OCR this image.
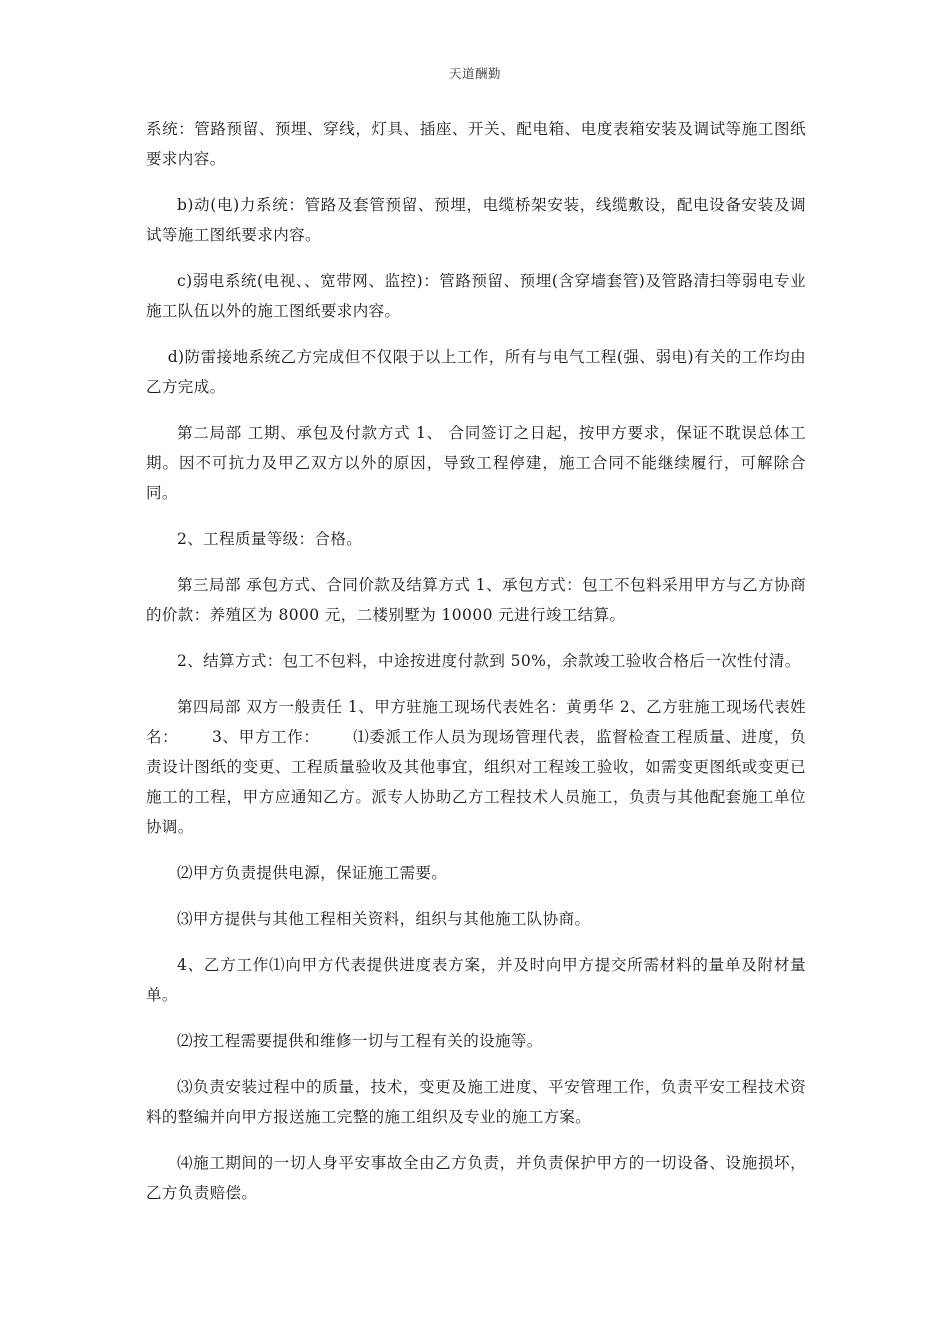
天道酬勤

系统：管路预留、预埋、穿线，灯具、插座、开关、配电箱、电度表箱安装及调试等施工图纸要求内容。

b)动(电)力系统：管路及套管预留、预埋，电缆桥架安装，线缆敷设，配电设备安装及调试等施工图纸要求内容。

c)弱电系统(电视、、宽带网、监控)：管路预留、预埋(含穿墙套管)及管路清扫等弱电专业施工队伍以外的施工图纸要求内容。

d)防雷接地系统乙方完成但不仅限于以上工作，所有与电气工程(强、弱电)有关的工作均由乙方完成。

第二局部 工期、承包及付款方式 1、 合同签订之日起，按甲方要求，保证不耽误总体工期。因不可抗力及甲乙双方以外的原因，导致工程停建，施工合同不能继续履行，可解除合同。

2、工程质量等级：合格。

第三局部 承包方式、合同价款及结算方式 1、承包方式：包工不包料采用甲方与乙方协商的价款：养殖区为 8000 元，二楼别墅为 10000 元进行竣工结算。

2、结算方式：包工不包料，中途按进度付款到 50%，余款竣工验收合格后一次性付清。

第四局部 双方一般责任 1、甲方驻施工现场代表姓名：黄勇华 2、乙方驻施工现场代表姓名：      3、甲方工作：      ⑴委派工作人员为现场管理代表，监督检查工程质量、进度，负责设计图纸的变更、工程质量验收及其他事宜，组织对工程竣工验收，如需变更图纸或变更已施工的工程，甲方应通知乙方。派专人协助乙方工程技术人员施工，负责与其他配套施工单位协调。

⑵甲方负责提供电源，保证施工需要。

⑶甲方提供与其他工程相关资料，组织与其他施工队协商。

4、乙方工作⑴向甲方代表提供进度表方案，并及时向甲方提交所需材料的量单及附材量单。

⑵按工程需要提供和维修一切与工程有关的设施等。

⑶负责安装过程中的质量，技术，变更及施工进度、平安管理工作，负责平安工程技术资料的整编并向甲方报送施工完整的施工组织及专业的施工方案。

⑷施工期间的一切人身平安事故全由乙方负责，并负责保护甲方的一切设备、设施损坏，乙方负责赔偿。
